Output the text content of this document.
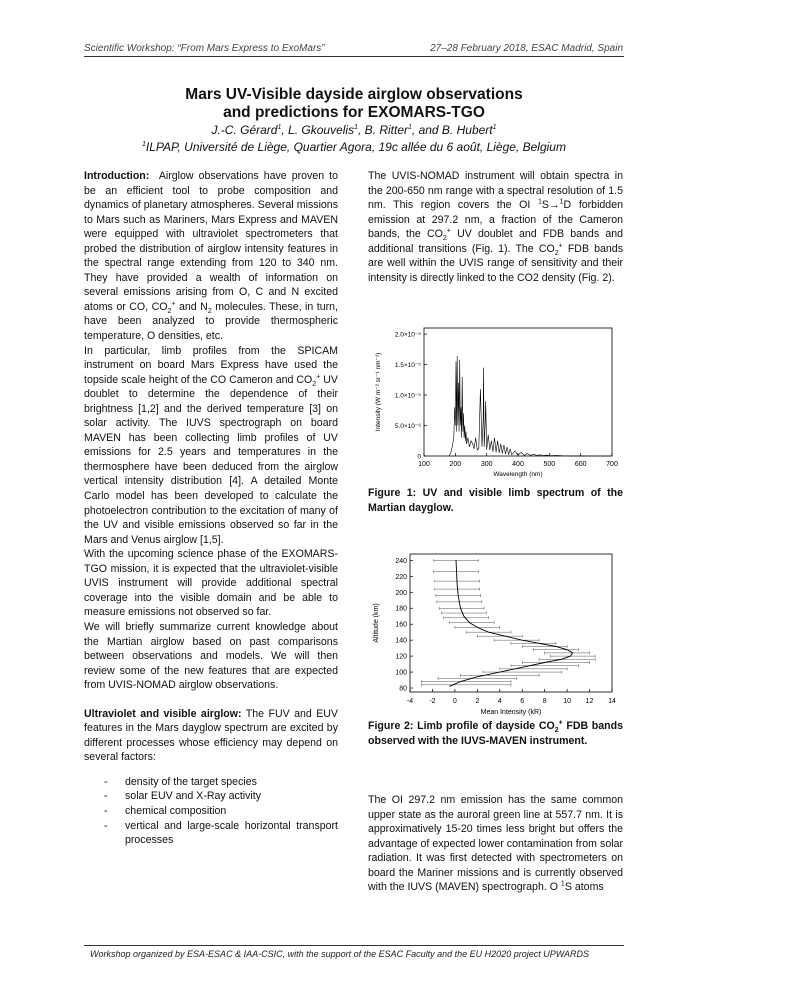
Scientific Workshop: “From Mars Express to ExoMars”	27–28 February 2018, ESAC Madrid, Spain
Mars UV-Visible dayside airglow observations
and predictions for EXOMARS-TGO
J.-C. Gérard$^1$, L. Gkouvelis$^1$, B. Ritter$^1$, and B. Hubert$^1$
$^1$ILPAP, Université de Liège, Quartier Agora, 19c allée du 6 août, Liège, Belgium

Introduction: Airglow observations have proven to be an efficient tool to probe composition and dynamics of planetary atmospheres. Several missions to Mars such as Mariners, Mars Express and MAVEN were equipped with ultraviolet spectrometers that probed the distribution of airglow intensity features in the spectral range extending from 120 to 340 nm. They have provided a wealth of information on several emissions arising from O, C and N excited atoms or CO, $CO_2^+$ and $N_2$ molecules. These, in turn, have been analyzed to provide thermospheric temperature, O densities, etc.

In particular, limb profiles from the SPICAM instrument on board Mars Express have used the topside scale height of the CO Cameron and $CO_2^+$ UV doublet to determine the dependence of their brightness [1,2] and the derived temperature [3] on solar activity. The IUVS spectrograph on board MAVEN has been collecting limb profiles of UV emissions for 2.5 years and temperatures in the thermosphere have been deduced from the airglow vertical intensity distribution [4]. A detailed Monte Carlo model has been developed to calculate the photoelectron contribution to the excitation of many of the UV and visible emissions observed so far in the Mars and Venus airglow [1,5].

With the upcoming science phase of the EXOMARS-TGO mission, it is expected that the ultraviolet-visible UVIS instrument will provide additional spectral coverage into the visible domain and be able to measure emissions not observed so far.

We will briefly summarize current knowledge about the Martian airglow based on past comparisons between observations and models. We will then review some of the new features that are expected from UVIS-NOMAD airglow observations.

Ultraviolet and visible airglow: The FUV and EUV features in the Mars dayglow spectrum are excited by different processes whose efficiency may depend on several factors:

- density of the target species
- solar EUV and X-Ray activity
- chemical composition
- vertical and large-scale horizontal transport processes

The UVIS-NOMAD instrument will obtain spectra in the 200-650 nm range with a spectral resolution of 1.5 nm. This region covers the OI $^1$S→$^1$D forbidden emission at 297.2 nm, a fraction of the Cameron bands, the $CO_2^+$ UV doublet and FDB bands and additional transitions (Fig. 1). The $CO_2^+$ FDB bands are well within the UVIS range of sensitivity and their intensity is directly linked to the CO2 density (Fig. 2).

100	200	300	400	500	600	700
0
5.0×10⁻⁶
1.0×10⁻⁵
1.5×10⁻⁵
2.0×10⁻⁵
Wavelength (nm)
Intensity (W m⁻² sr⁻¹ nm⁻¹)
Figure 1: UV and visible limb spectrum of the Martian dayglow.
-4 -2 0	2	4	6	8 10 12 14
80
100
120
140
160
180
200
220
240
Mean Intensity (kR)
Altitude (km)
Figure 2: Limb profile of dayside $CO_2^+$ FDB bands observed with the IUVS-MAVEN instrument.

The OI 297.2 nm emission has the same common upper state as the auroral green line at 557.7 nm. It is approximatively 15-20 times less bright but offers the advantage of expected lower contamination from solar radiation. It was first detected with spectrometers on board the Mariner missions and is currently observed with the IUVS (MAVEN) spectrograph. O $^1$S atoms

Workshop organized by ESA-ESAC & IAA-CSIC, with the support of the ESAC Faculty and the EU H2020 project UPWARDS
